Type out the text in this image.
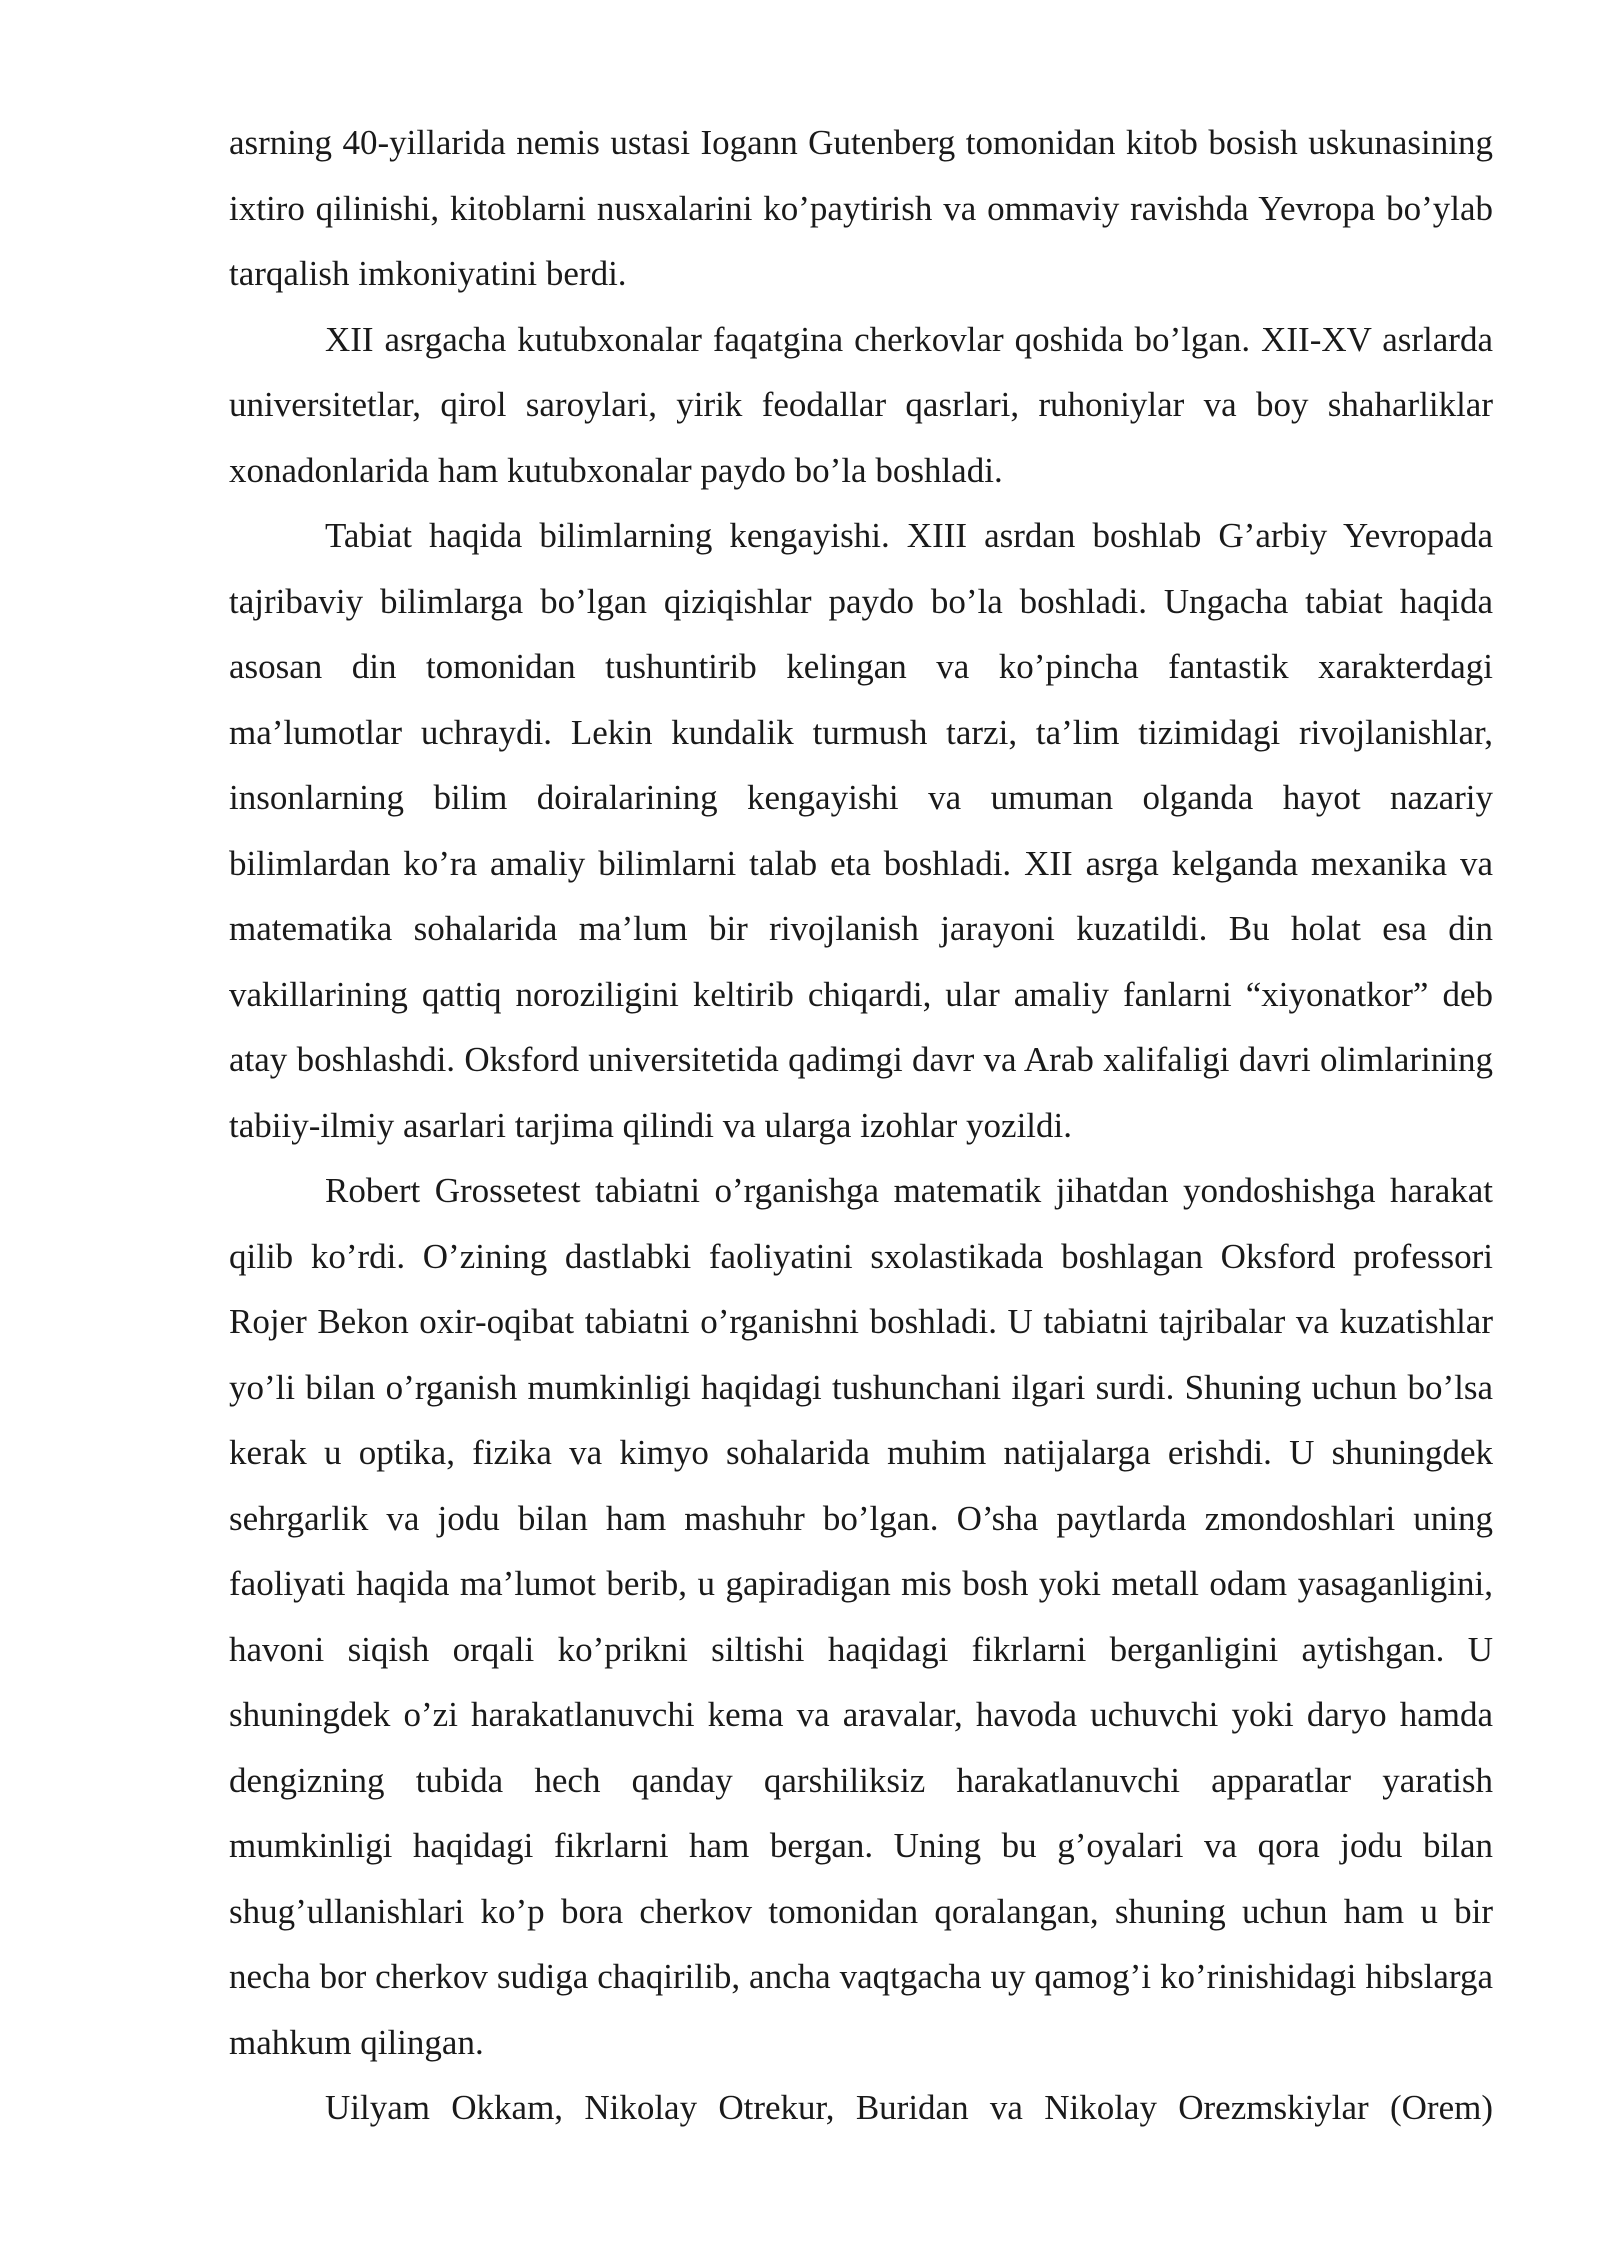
asrning 40-yillarida nemis ustasi Iogann Gutenberg tomonidan kitob bosish uskunasining ixtiro qilinishi, kitoblarni nusxalarini ko’paytirish va ommaviy ravishda Yevropa bo’ylab tarqalish imkoniyatini berdi.

XII asrgacha kutubxonalar faqatgina cherkovlar qoshida bo’lgan. XII-XV asrlarda universitetlar, qirol saroylari, yirik feodallar qasrlari, ruhoniylar va boy shaharliklar xonadonlarida ham kutubxonalar paydo bo’la boshladi.

Tabiat haqida bilimlarning kengayishi. XIII asrdan boshlab G’arbiy Yevropada tajribaviy bilimlarga bo’lgan qiziqishlar paydo bo’la boshladi. Ungacha tabiat haqida asosan din tomonidan tushuntirib kelingan va ko’pincha fantastik xarakterdagi ma’lumotlar uchraydi. Lekin kundalik turmush tarzi, ta’lim tizimidagi rivojlanishlar, insonlarning bilim doiralarining kengayishi va umuman olganda hayot nazariy bilimlardan ko’ra amaliy bilimlarni talab eta boshladi. XII asrga kelganda mexanika va matematika sohalarida ma’lum bir rivojlanish jarayoni kuzatildi. Bu holat esa din vakillarining qattiq noroziligini keltirib chiqardi, ular amaliy fanlarni “xiyonatkor” deb atay boshlashdi. Oksford universitetida qadimgi davr va Arab xalifaligi davri olimlarining tabiiy-ilmiy asarlari tarjima qilindi va ularga izohlar yozildi.

Robert Grossetest tabiatni o’rganishga matematik jihatdan yondoshishga harakat qilib ko’rdi. O’zining dastlabki faoliyatini sxolastikada boshlagan Oksford professori Rojer Bekon oxir-oqibat tabiatni o’rganishni boshladi. U tabiatni tajribalar va kuzatishlar yo’li bilan o’rganish mumkinligi haqidagi tushunchani ilgari surdi. Shuning uchun bo’lsa kerak u optika, fizika va kimyo sohalarida muhim natijalarga erishdi. U shuningdek sehrgarlik va jodu bilan ham mashuhr bo’lgan. O’sha paytlarda zmondoshlari uning faoliyati haqida ma’lumot berib, u gapiradigan mis bosh yoki metall odam yasaganligini, havoni siqish orqali ko’prikni siltishi haqidagi fikrlarni berganligini aytishgan. U shuningdek o’zi harakatlanuvchi kema va aravalar, havoda uchuvchi yoki daryo hamda dengizning tubida hech qanday qarshiliksiz harakatlanuvchi apparatlar yaratish mumkinligi haqidagi fikrlarni ham bergan. Uning bu g’oyalari va qora jodu bilan shug’ullanishlari ko’p bora cherkov tomonidan qoralangan, shuning uchun ham u bir necha bor cherkov sudiga chaqirilib, ancha vaqtgacha uy qamog’i ko’rinishidagi hibslarga mahkum qilingan.

Uilyam Okkam, Nikolay Otrekur, Buridan va Nikolay Orezmskiylar (Orem)
